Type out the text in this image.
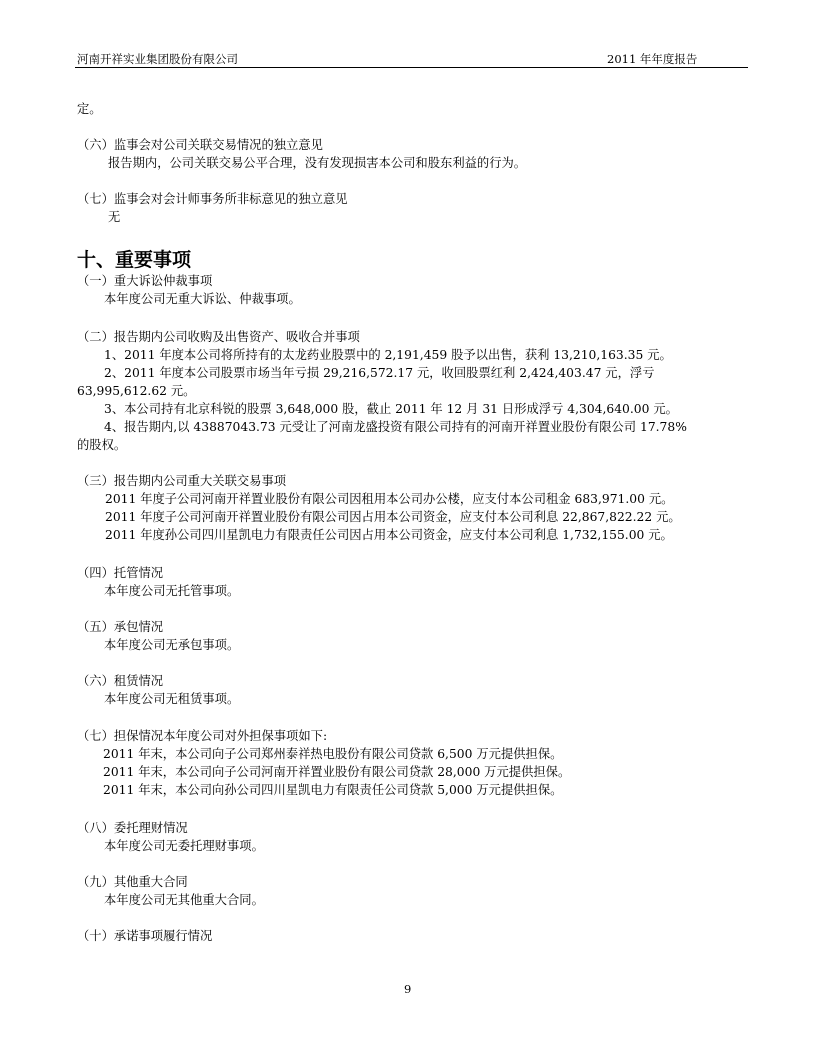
河南开祥实业集团股份有限公司	2011 年年度报告
定。
（六）监事会对公司关联交易情况的独立意见
报告期内，公司关联交易公平合理，没有发现损害本公司和股东利益的行为。
（七）监事会对会计师事务所非标意见的独立意见
无
十、重要事项
（一）重大诉讼仲裁事项
本年度公司无重大诉讼、仲裁事项。
（二）报告期内公司收购及出售资产、吸收合并事项
1、2011 年度本公司将所持有的太龙药业股票中的 2,191,459 股予以出售，获利 13,210,163.35 元。
2、2011 年度本公司股票市场当年亏损 29,216,572.17 元，收回股票红利 2,424,403.47 元，浮亏
63,995,612.62 元。
3、本公司持有北京科锐的股票 3,648,000 股，截止 2011 年 12 月 31 日形成浮亏 4,304,640.00 元。
4、报告期内,以 43887043.73 元受让了河南龙盛投资有限公司持有的河南开祥置业股份有限公司 17.78%
的股权。
（三）报告期内公司重大关联交易事项
2011 年度子公司河南开祥置业股份有限公司因租用本公司办公楼，应支付本公司租金 683,971.00 元。
2011 年度子公司河南开祥置业股份有限公司因占用本公司资金，应支付本公司利息 22,867,822.22 元。
2011 年度孙公司四川星凯电力有限责任公司因占用本公司资金，应支付本公司利息 1,732,155.00 元。
（四）托管情况
本年度公司无托管事项。
（五）承包情况
本年度公司无承包事项。
（六）租赁情况
本年度公司无租赁事项。
（七）担保情况本年度公司对外担保事项如下:
2011 年末，本公司向子公司郑州泰祥热电股份有限公司贷款 6,500 万元提供担保。
2011 年末，本公司向子公司河南开祥置业股份有限公司贷款 28,000 万元提供担保。
2011 年末，本公司向孙公司四川星凯电力有限责任公司贷款 5,000 万元提供担保。
（八）委托理财情况
本年度公司无委托理财事项。
（九）其他重大合同
本年度公司无其他重大合同。
（十）承诺事项履行情况
9
